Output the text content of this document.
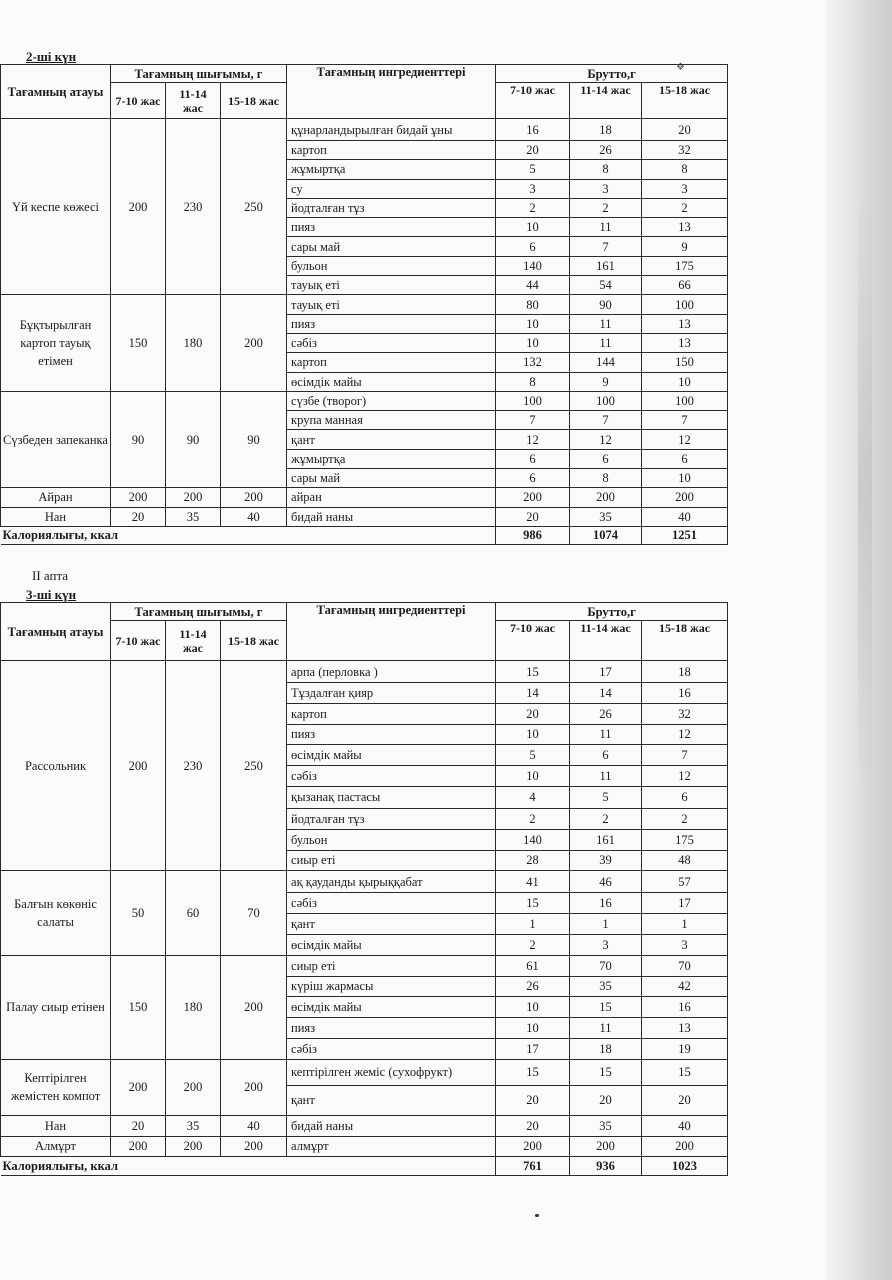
2-ші күн
❖
Тағамның атауы	Тағамның шығымы, г			Тағамның ингредиенттері	Брутто,г		
	7-10 жас	11-14 жас	15-18 жас		7-10 жас	11-14 жас	15-18 жас
Үй кеспе көжесі	200	230	250	құнарландырылған бидай ұны	16	18	20
				картоп	20	26	32
				жұмыртқа	5	8	8
				су	3	3	3
				йодталған тұз	2	2	2
				пияз	10	11	13
				сары май	6	7	9
				бульон	140	161	175
				тауық еті	44	54	66
Бұқтырылған картоп тауық етімен	150	180	200	тауық еті	80	90	100
				пияз	10	11	13
				сәбіз	10	11	13
				картоп	132	144	150
				өсімдік майы	8	9	10
Сүзбеден запеканка	90	90	90	сүзбе (творог)	100	100	100
				крупа манная	7	7	7
				қант	12	12	12
				жұмыртқа	6	6	6
				сары май	6	8	10
Айран	200	200	200	айран	200	200	200
Нан	20	35	40	бидай наны	20	35	40
Калориялығы, ккал					986	1074	1251
II апта
3-ші күн
Тағамның атауы	Тағамның шығымы, г			Тағамның ингредиенттері	Брутто,г		
	7-10 жас	11-14 жас	15-18 жас		7-10 жас	11-14 жас	15-18 жас
Рассольник	200	230	250	арпа (перловка )	15	17	18
				Тұздалған қияр	14	14	16
				картоп	20	26	32
				пияз	10	11	12
				өсімдік майы	5	6	7
				сәбіз	10	11	12
				қызанақ пастасы	4	5	6
				йодталған тұз	2	2	2
				бульон	140	161	175
				сиыр еті	28	39	48
Балғын көкөніс салаты	50	60	70	ақ қауданды қырыққабат	41	46	57
				сәбіз	15	16	17
				қант	1	1	1
				өсімдік майы	2	3	3
Палау сиыр етінен	150	180	200	сиыр еті	61	70	70
				күріш жармасы	26	35	42
				өсімдік майы	10	15	16
				пияз	10	11	13
				сәбіз	17	18	19
Кептірілген жемістен компот	200	200	200	кептірілген жеміс (сухофрукт)	15	15	15
				қант	20	20	20
Нан	20	35	40	бидай наны	20	35	40
Алмұрт	200	200	200	алмұрт	200	200	200
Калориялығы, ккал					761	936	1023
